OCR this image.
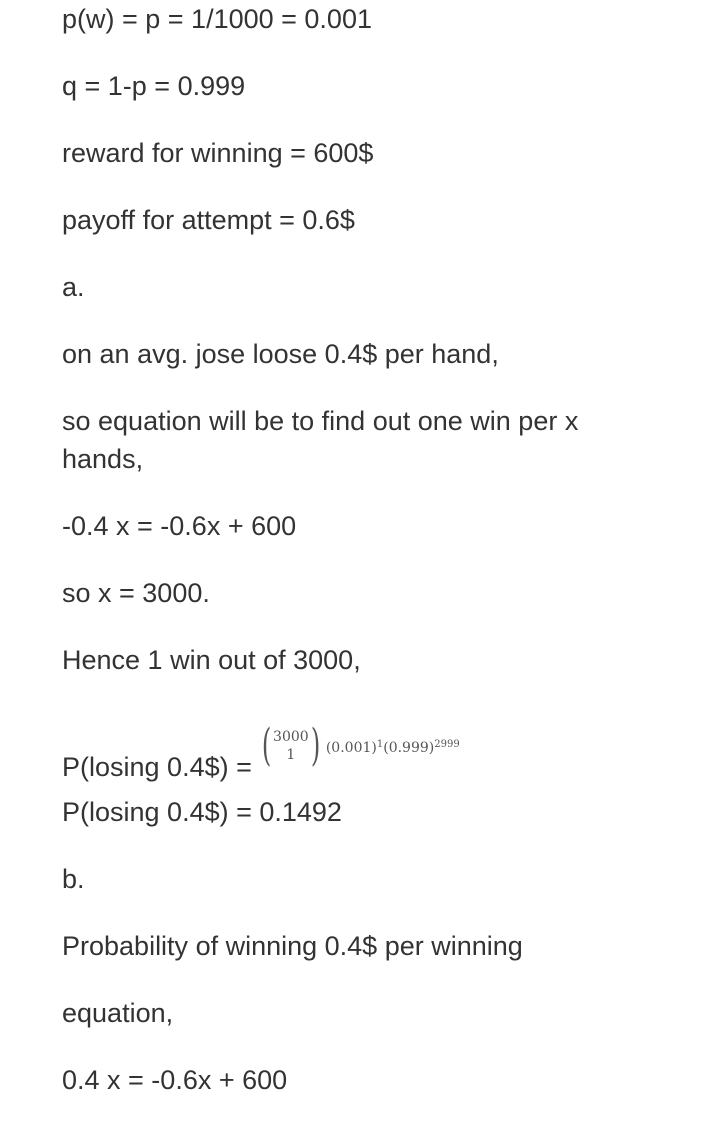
p(w) = p = 1/1000 = 0.001
q = 1-p = 0.999
reward for winning = 600$
payoff for attempt = 0.6$
a.
on an avg. jose loose 0.4$ per hand,
so equation will be to find out one win per x hands,
-0.4 x = -0.6x + 600
so x = 3000.
Hence 1 win out of 3000,
P(losing 0.4$) = ( 3000
1 ) $(0.001)^1(0.999)^{2999}$
P(losing 0.4$) = 0.1492
b.
Probability of winning 0.4$ per winning
equation,
0.4 x = -0.6x + 600
